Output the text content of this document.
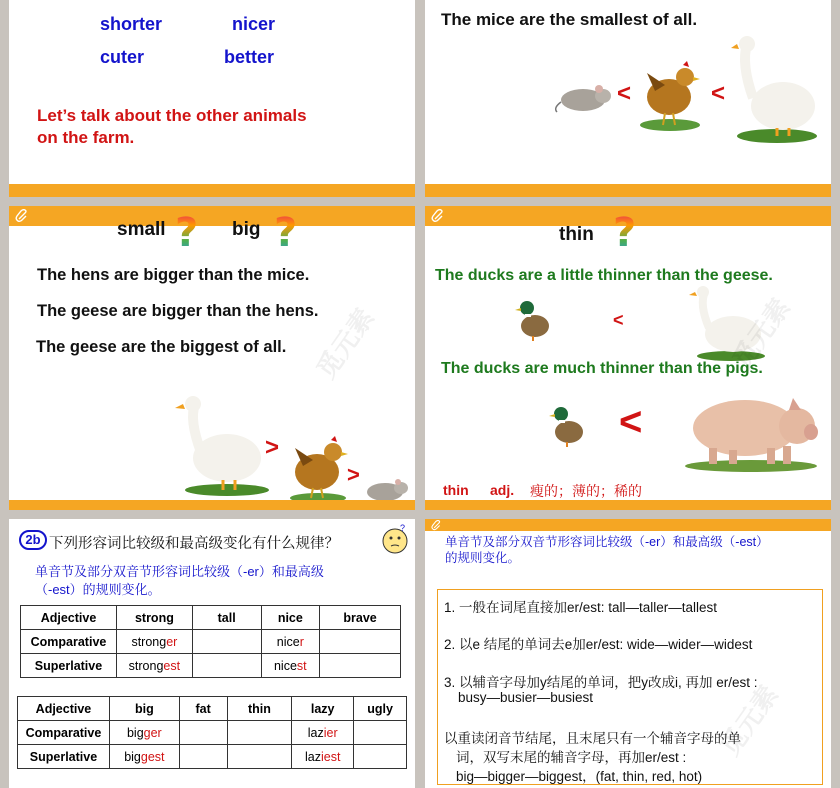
shorter	nicer
cuter	better
Let’s talk about the other animals
on the farm.
The mice are the smallest of all.
<	<
small ? big ?
The hens are bigger than the mice.
The geese are bigger than the hens.
The geese are the biggest of all.
>
>
觅元素
thin ?
The ducks are a little thinner than the geese.
<
The ducks are much thinner than the pigs.
<
thin adj. 瘦的；薄的；稀的
觅元素
2b 下列形容词比较级和最高级变化有什么规律？
?
单音节及部分双音节形容词比较级（-er）和最高级
（-est）的规则变化。
Adjective	strong	tall	nice	brave
Comparative	stronger		nicer	
Superlative	strongest		nicest	
Adjective	big	fat	thin	lazy	ugly
Comparative	bigger			lazier	
Superlative	biggest			laziest	
单音节及部分双音节形容词比较级（-er）和最高级（-est）
的规则变化。
1. 一般在词尾直接加er/est: tall—taller—tallest
2. 以e 结尾的单词去e加er/est: wide—wider—widest
3. 以辅音字母加y结尾的单词，把y改成i, 再加 er/est :
busy—busier—busiest
以重读闭音节结尾，且末尾只有一个辅音字母的单
词，双写末尾的辅音字母，再加er/est :
big—bigger—biggest，(fat, thin, red, hot)
觅元素
